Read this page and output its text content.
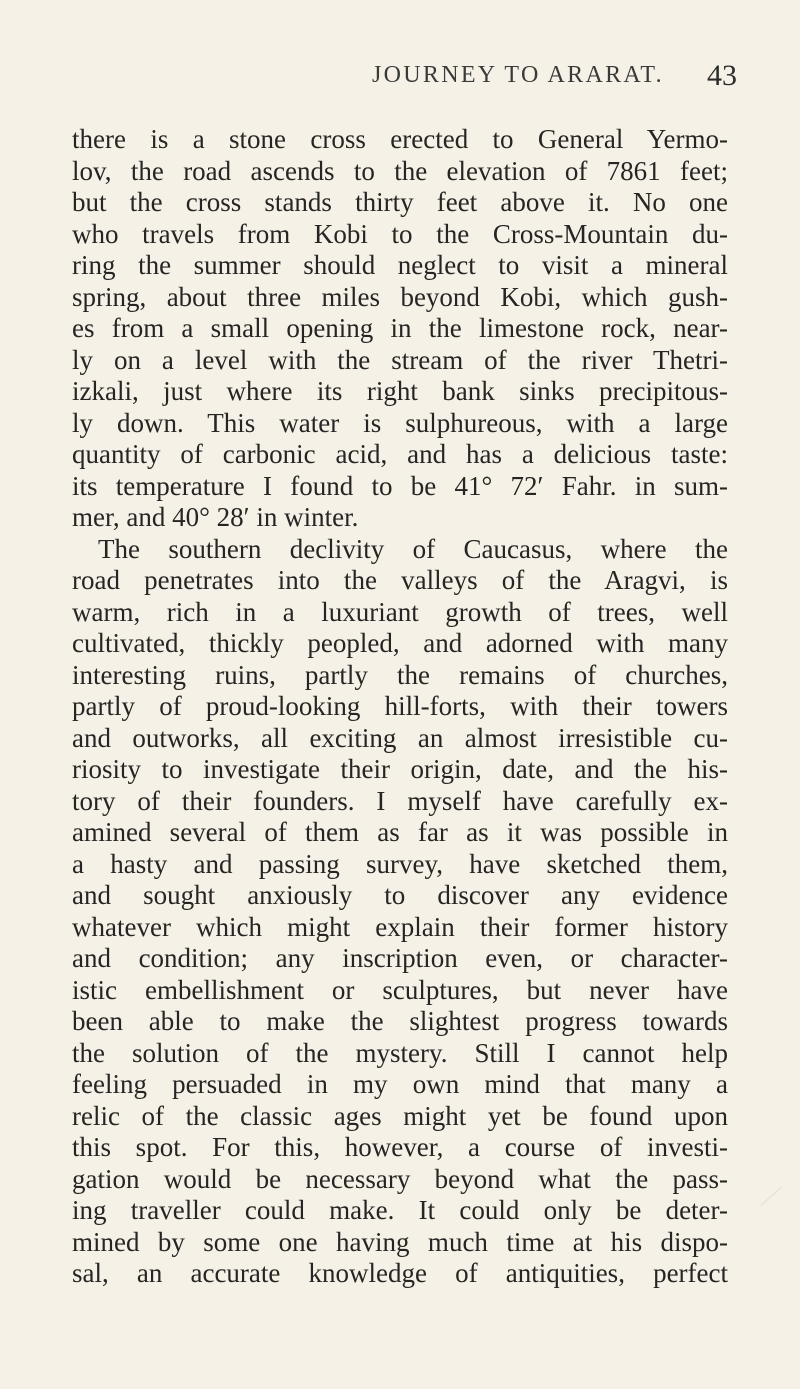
JOURNEY TO ARARAT. 43
there is a stone cross erected to General Yermo-
lov, the road ascends to the elevation of 7861 feet;
but the cross stands thirty feet above it. No one
who travels from Kobi to the Cross-Mountain du-
ring the summer should neglect to visit a mineral
spring, about three miles beyond Kobi, which gush-
es from a small opening in the limestone rock, near-
ly on a level with the stream of the river Thetri-
izkali, just where its right bank sinks precipitous-
ly down. This water is sulphureous, with a large
quantity of carbonic acid, and has a delicious taste:
its temperature I found to be 41° 72′ Fahr. in sum-
mer, and 40° 28′ in winter.
The southern declivity of Caucasus, where the
road penetrates into the valleys of the Aragvi, is
warm, rich in a luxuriant growth of trees, well
cultivated, thickly peopled, and adorned with many
interesting ruins, partly the remains of churches,
partly of proud-looking hill-forts, with their towers
and outworks, all exciting an almost irresistible cu-
riosity to investigate their origin, date, and the his-
tory of their founders. I myself have carefully ex-
amined several of them as far as it was possible in
a hasty and passing survey, have sketched them,
and sought anxiously to discover any evidence
whatever which might explain their former history
and condition; any inscription even, or character-
istic embellishment or sculptures, but never have
been able to make the slightest progress towards
the solution of the mystery. Still I cannot help
feeling persuaded in my own mind that many a
relic of the classic ages might yet be found upon
this spot. For this, however, a course of investi-
gation would be necessary beyond what the pass-
ing traveller could make. It could only be deter-
mined by some one having much time at his dispo-
sal, an accurate knowledge of antiquities, perfect
